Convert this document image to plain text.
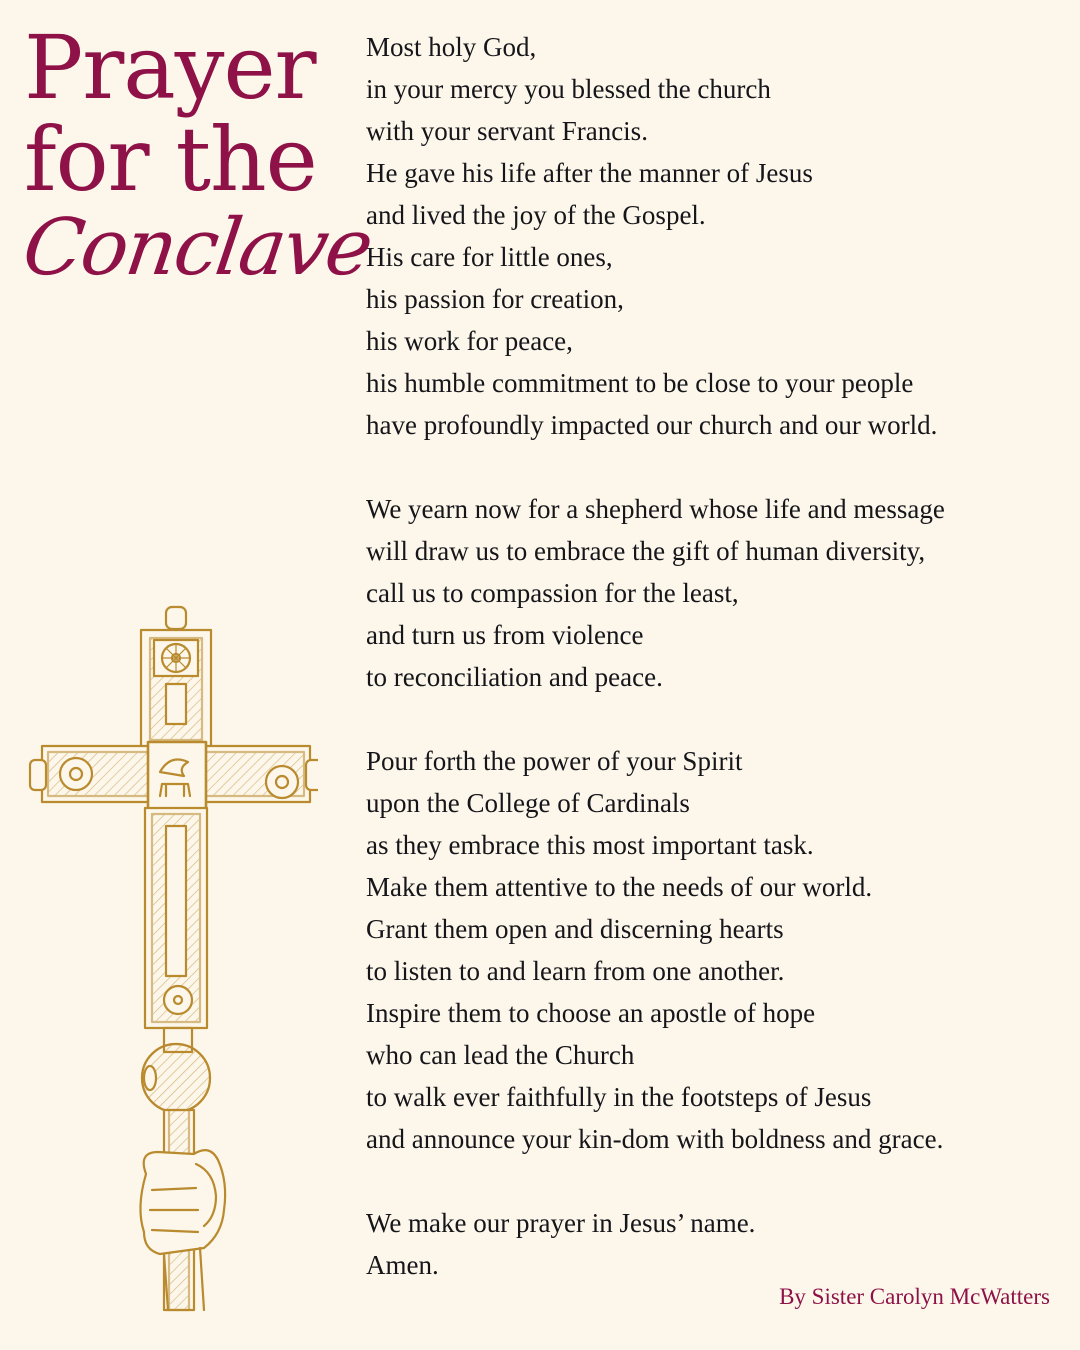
Prayer
for the
Conclave
Most holy God,
in your mercy you blessed the church
with your servant Francis.
He gave his life after the manner of Jesus
and lived the joy of the Gospel.
His care for little ones,
his passion for creation,
his work for peace,
his humble commitment to be close to your people
have profoundly impacted our church and our world.
We yearn now for a shepherd whose life and message
will draw us to embrace the gift of human diversity,
call us to compassion for the least,
and turn us from violence
to reconciliation and peace.
Pour forth the power of your Spirit
upon the College of Cardinals
as they embrace this most important task.
Make them attentive to the needs of our world.
Grant them open and discerning hearts
to listen to and learn from one another.
Inspire them to choose an apostle of hope
who can lead the Church
to walk ever faithfully in the footsteps of Jesus
and announce your kin-dom with boldness and grace.
We make our prayer in Jesus’ name.
Amen.
By Sister Carolyn McWatters
